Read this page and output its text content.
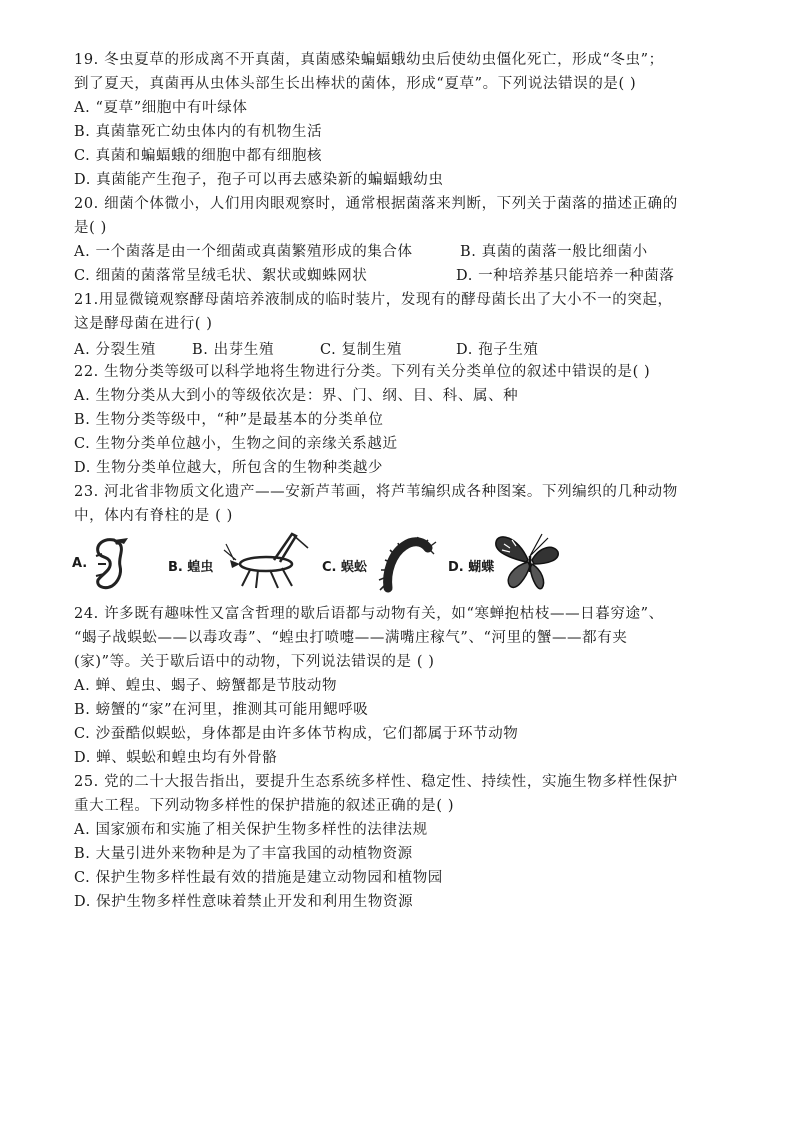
19. 冬虫夏草的形成离不开真菌，真菌感染蝙蝠蛾幼虫后使幼虫僵化死亡，形成“冬虫”；
到了夏天，真菌再从虫体头部生长出棒状的菌体，形成“夏草”。下列说法错误的是( )
A. “夏草”细胞中有叶绿体
B. 真菌靠死亡幼虫体内的有机物生活
C. 真菌和蝙蝠蛾的细胞中都有细胞核
D. 真菌能产生孢子，孢子可以再去感染新的蝙蝠蛾幼虫
20. 细菌个体微小，人们用肉眼观察时，通常根据菌落来判断，下列关于菌落的描述正确的
是( )
A. 一个菌落是由一个细菌或真菌繁殖形成的集合体	B. 真菌的菌落一般比细菌小
C. 细菌的菌落常呈绒毛状、絮状或蜘蛛网状	D. 一种培养基只能培养一种菌落
21.用显微镜观察酵母菌培养液制成的临时装片，发现有的酵母菌长出了大小不一的突起，
这是酵母菌在进行( )
A. 分裂生殖 B. 出芽生殖	C. 复制生殖	D. 孢子生殖
22. 生物分类等级可以科学地将生物进行分类。下列有关分类单位的叙述中错误的是( )
A. 生物分类从大到小的等级依次是：界、门、纲、目、科、属、种
B. 生物分类等级中，“种”是最基本的分类单位
C. 生物分类单位越小，生物之间的亲缘关系越近
D. 生物分类单位越大，所包含的生物种类越少
23. 河北省非物质文化遗产——安新芦苇画，将芦苇编织成各种图案。下列编织的几种动物
中，体内有脊柱的是 ( )
A.	B. 蝗虫	C. 蜈蚣	D. 蝴蝶
24. 许多既有趣味性又富含哲理的歇后语都与动物有关，如“寒蝉抱枯枝——日暮穷途”、
“蝎子战蜈蚣——以毒攻毒”、“蝗虫打喷嚏——满嘴庄稼气”、“河里的蟹——都有夹
(家)”等。关于歇后语中的动物，下列说法错误的是 ( )
A. 蝉、蝗虫、蝎子、螃蟹都是节肢动物
B. 螃蟹的“家”在河里，推测其可能用鳃呼吸
C. 沙蚕酷似蜈蚣，身体都是由许多体节构成，它们都属于环节动物
D. 蝉、蜈蚣和蝗虫均有外骨骼
25. 党的二十大报告指出，要提升生态系统多样性、稳定性、持续性，实施生物多样性保护
重大工程。下列动物多样性的保护措施的叙述正确的是( )
A. 国家颁布和实施了相关保护生物多样性的法律法规
B. 大量引进外来物种是为了丰富我国的动植物资源
C. 保护生物多样性最有效的措施是建立动物园和植物园
D. 保护生物多样性意味着禁止开发和利用生物资源
